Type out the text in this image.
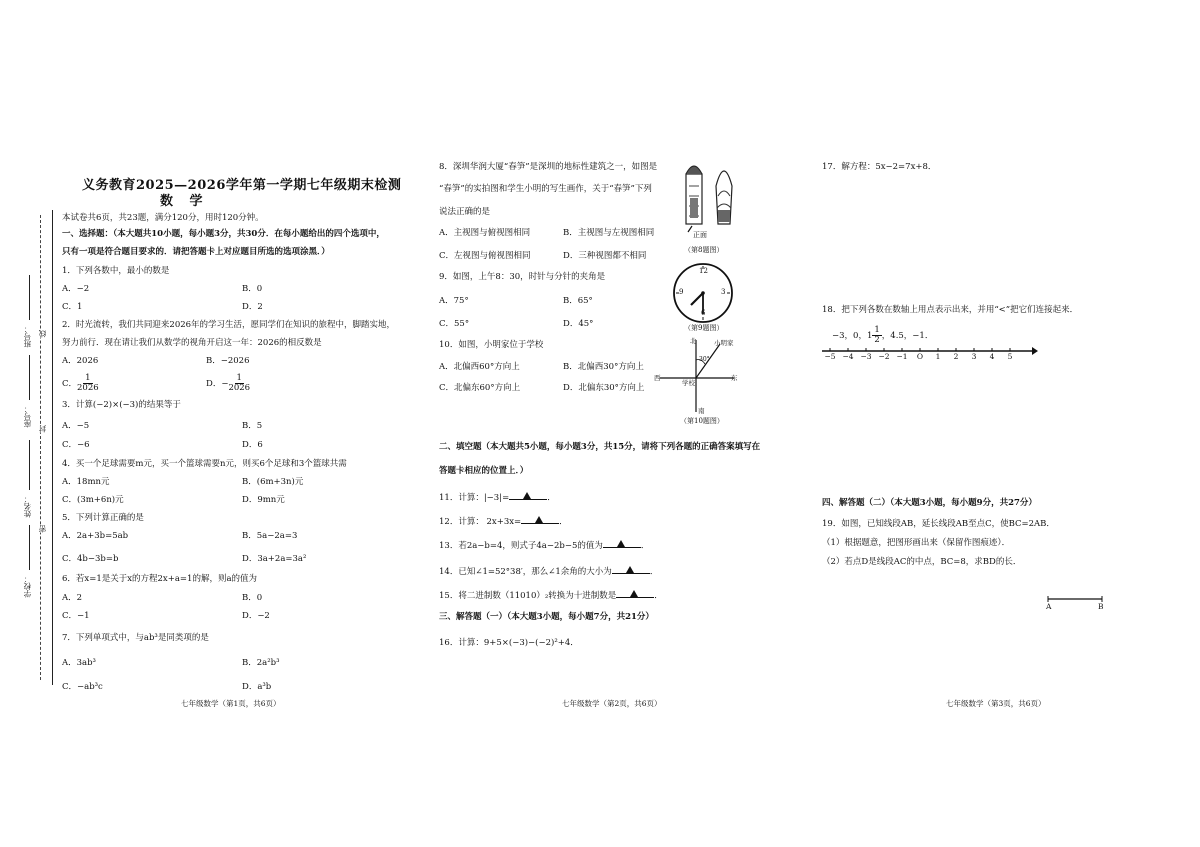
班号：
座号：
姓名：
学校：
线
封
密
义务教育2025—2026学年第一学期七年级期末检测
数 学
本试卷共6页，共23题，满分120分，用时120分钟。
一、选择题：（本大题共10小题，每小题3分，共30分．在每小题给出的四个选项中，
只有一项是符合题目要求的．请把答题卡上对应题目所选的选项涂黑．）
1．下列各数中，最小的数是
A．−2	B．0
C．1	D．2
2．时光流转，我们共同迎来2026年的学习生活，愿同学们在知识的旅程中，脚踏实地，
努力前行．现在请让我们从数学的视角开启这一年：2026的相反数是
A．2026	B．−2026
C． $\frac{1}{2026}$	D．− $\frac{1}{2026}$
3．计算(−2)×(−3)的结果等于
A．−5	B．5
C．−6	D．6
4．买一个足球需要m元，买一个篮球需要n元，则买6个足球和3个篮球共需
A．18mn元	B．(6m+3n)元
C．(3m+6n)元	D．9mn元
5．下列计算正确的是
A．2a+3b=5ab	B．5a−2a=3
C．4b−3b=b	D．3a+2a=3a²
6．若x=1是关于x的方程2x+a=1的解，则a的值为
A．2	B．0
C．−1	D．−2
7．下列单项式中，与ab³是同类项的是
A．3ab³	B．2a²b³
C．−ab³c	D．a³b
七年级数学（第1页，共6页）
8．深圳华润大厦“春笋”是深圳的地标性建筑之一，如图是
“春笋”的实拍图和学生小明的写生画作，关于“春笋”下列
说法正确的是
A．主视图与俯视图相同	B．主视图与左视图相同
C．左视图与俯视图相同	D．三种视图都不相同
正面
（第8题图）
9．如图，上午8：30，时针与分针的夹角是
A．75°	B．65°
C．55°	D．45°
12
3
6
9
（第9题图）
10．如图，小明家位于学校
A．北偏西60°方向上	B．北偏西30°方向上
C．北偏东60°方向上	D．北偏东30°方向上
北
南
东
西
学校
小明家
30°
（第10题图）
二、填空题（本大题共5小题，每小题3分，共15分，请将下列各题的正确答案填写在
答题卡相应的位置上．）
11．计算：|−3|=	．
12．计算： 2x+3x=	．
13．若2a−b=4，则式子4a−2b−5的值为	．
14．已知∠1=52°38′，那么∠1余角的大小为	．
15．将二进制数（11010）₂转换为十进制数是	．
三、解答题（一）（本大题3小题，每小题7分，共21分）
16．计算：9+5×(−3)−(−2)²+4．
七年级数学（第2页，共6页）
17．解方程：5x−2=7x+8．
18．把下列各数在数轴上用点表示出来，并用“<”把它们连接起来．
−3，0，$1 \frac{1}{2}$ ，4.5，−1．
−5 −4 −3 −2 −1 O 1 2 3 4 5
四、解答题（二）（本大题3小题，每小题9分，共27分）
19．如图，已知线段AB，延长线段AB至点C，使BC=2AB．
（1）根据题意，把图形画出来（保留作图痕迹）．
（2）若点D是线段AC的中点，BC=8，求BD的长．
A	B
七年级数学（第3页，共6页）
